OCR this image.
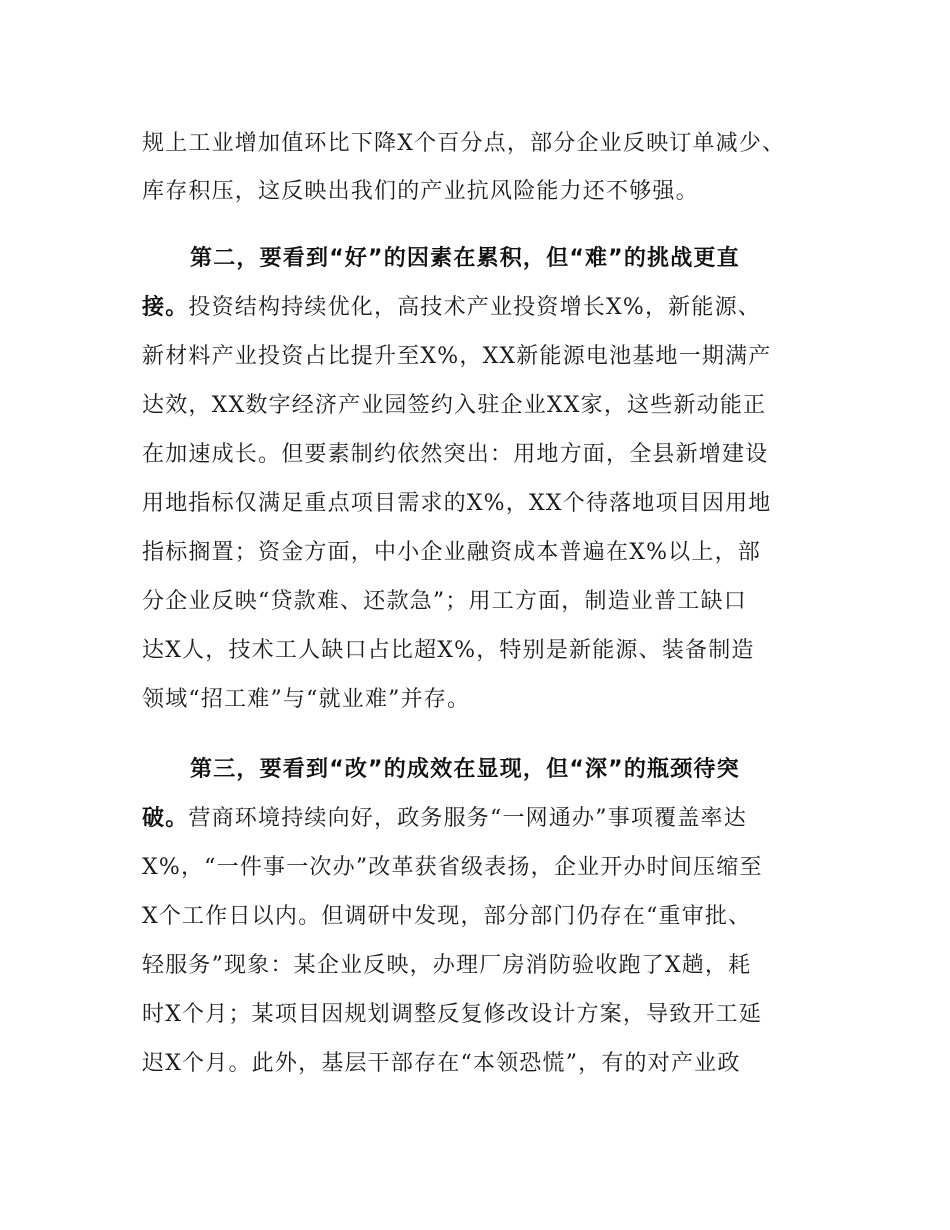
规上工业增加值环比下降X个百分点，部分企业反映订单减少、
库存积压，这反映出我们的产业抗风险能力还不够强。
第二，要看到“好”的因素在累积，但“难”的挑战更直
接。投资结构持续优化，高技术产业投资增长X%，新能源、
新材料产业投资占比提升至X%，XX新能源电池基地一期满产
达效，XX数字经济产业园签约入驻企业XX家，这些新动能正
在加速成长。但要素制约依然突出：用地方面，全县新增建设
用地指标仅满足重点项目需求的X%，XX个待落地项目因用地
指标搁置；资金方面，中小企业融资成本普遍在X%以上，部
分企业反映“贷款难、还款急”；用工方面，制造业普工缺口
达X人，技术工人缺口占比超X%，特别是新能源、装备制造
领域“招工难”与“就业难”并存。
第三，要看到“改”的成效在显现，但“深”的瓶颈待突
破。营商环境持续向好，政务服务“一网通办”事项覆盖率达
X%，“一件事一次办”改革获省级表扬，企业开办时间压缩至
X个工作日以内。但调研中发现，部分部门仍存在“重审批、
轻服务”现象：某企业反映，办理厂房消防验收跑了X趟，耗
时X个月；某项目因规划调整反复修改设计方案，导致开工延
迟X个月。此外，基层干部存在“本领恐慌”，有的对产业政
